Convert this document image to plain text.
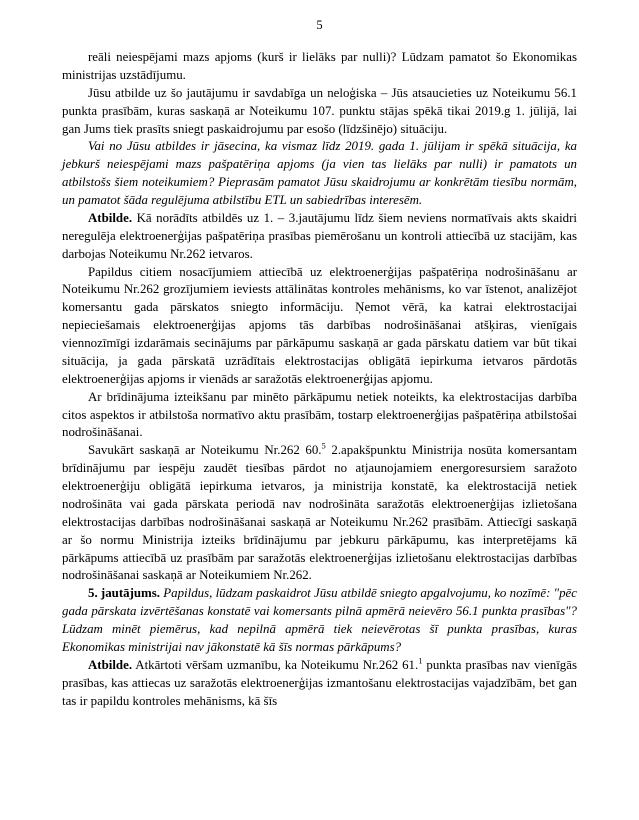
5

reāli neiespējami mazs apjoms (kurš ir lielāks par nulli)? Lūdzam pamatot šo Ekonomikas ministrijas uzstādījumu.

Jūsu atbilde uz šo jautājumu ir savdabīga un neloģiska – Jūs atsaucieties uz Noteikumu 56.1 punkta prasībām, kuras saskaņā ar Noteikumu 107. punktu stājas spēkā tikai 2019.g 1. jūlijā, lai gan Jums tiek prasīts sniegt paskaidrojumu par esošo (līdzšinējo) situāciju.

Vai no Jūsu atbildes ir jāsecina, ka vismaz līdz 2019. gada 1. jūlijam ir spēkā situācija, ka jebkurš neiespējami mazs pašpatēriņa apjoms (ja vien tas lielāks par nulli) ir pamatots un atbilstošs šiem noteikumiem? Pieprasām pamatot Jūsu skaidrojumu ar konkrētām tiesību normām, un pamatot šāda regulējuma atbilstību ETL un sabiedrības interesēm.

Atbilde. Kā norādīts atbildēs uz 1. – 3.jautājumu līdz šiem neviens normatīvais akts skaidri neregulēja elektroenerģijas pašpatēriņa prasības piemērošanu un kontroli attiecībā uz stacijām, kas darbojas Noteikumu Nr.262 ietvaros.

Papildus citiem nosacījumiem attiecībā uz elektroenerģijas pašpatēriņa nodrošināšanu ar Noteikumu Nr.262 grozījumiem ieviests attālinātas kontroles mehānisms, ko var īstenot, analizējot komersantu gada pārskatos sniegto informāciju. Ņemot vērā, ka katrai elektrostacijai nepieciešamais elektroenerģijas apjoms tās darbības nodrošināšanai atšķiras, vienīgais viennozīmīgi izdarāmais secinājums par pārkāpumu saskaņā ar gada pārskatu datiem var būt tikai situācija, ja gada pārskatā uzrādītais elektrostacijas obligātā iepirkuma ietvaros pārdotās elektroenerģijas apjoms ir vienāds ar saražotās elektroenerģijas apjomu.

Ar brīdinājuma izteikšanu par minēto pārkāpumu netiek noteikts, ka elektrostacijas darbība citos aspektos ir atbilstoša normatīvo aktu prasībām, tostarp elektroenerģijas pašpatēriņa atbilstošai nodrošināšanai.

Savukārt saskaņā ar Noteikumu Nr.262 60.$^5$ 2.apakšpunktu Ministrija nosūta komersantam brīdinājumu par iespēju zaudēt tiesības pārdot no atjaunojamiem energoresursiem saražoto elektroenerģiju obligātā iepirkuma ietvaros, ja ministrija konstatē, ka elektrostacijā netiek nodrošināta vai gada pārskata periodā nav nodrošināta saražotās elektroenerģijas izlietošana elektrostacijas darbības nodrošināšanai saskaņā ar Noteikumu Nr.262 prasībām. Attiecīgi saskaņā ar šo normu Ministrija izteiks brīdinājumu par jebkuru pārkāpumu, kas interpretējams kā pārkāpums attiecībā uz prasībām par saražotās elektroenerģijas izlietošanu elektrostacijas darbības nodrošināšanai saskaņā ar Noteikumiem Nr.262.

5. jautājums. Papildus, lūdzam paskaidrot Jūsu atbildē sniegto apgalvojumu, ko nozīmē: "pēc gada pārskata izvērtēšanas konstatē vai komersants pilnā apmērā neievēro 56.1 punkta prasības"? Lūdzam minēt piemērus, kad nepilnā apmērā tiek neievērotas šī punkta prasības, kuras Ekonomikas ministrijai nav jākonstatē kā šīs normas pārkāpums?

Atbilde. Atkārtoti vēršam uzmanību, ka Noteikumu Nr.262 61.$^1$ punkta prasības nav vienīgās prasības, kas attiecas uz saražotās elektroenerģijas izmantošanu elektrostacijas vajadzībām, bet gan tas ir papildu kontroles mehānisms, kā šīs
